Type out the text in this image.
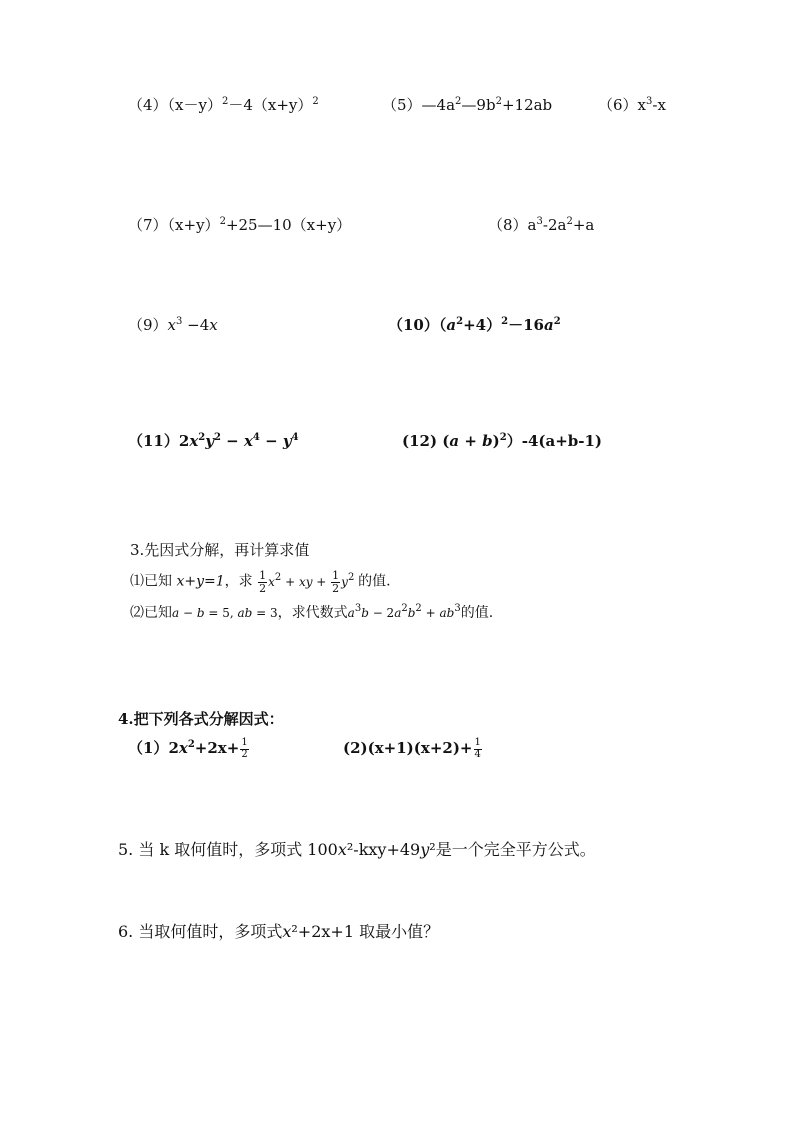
$(4)(x-y)^2-4(x+y)^2$	$(5)—4a^2—9b^2+12ab$	$(6)x^3-x$
$(7)(x+y)^2+25—10(x+y)$	$(8)a^3-2a^2+a$
$(9)x^3 -4x$	$(10)(a^2+4)^2-16a^2$
$(11)2x^2y^2 - x^4 - y^4$	(12) $(a + b)^2)-4(a+b-1)$
3.先因式分解，再计算求值
⑴已知 x+y=1，求 $\frac{1}{2} x^2$ + xy + $\frac{1}{2} y^2$ 的值.
⑵已知a − b = 5, ab = 3，求代数式$a^3b - 2a^2b^2 + ab^3$的值.
4.把下列各式分解因式：
$(1)2x^2+2x+ \frac{1}{2}$	$(2)(x+1)(x+2)+ \frac{1}{4}$
5. 当 k 取何值时，多项式 100x²-kxy+49y²是一个完全平方公式。
6. 当取何值时，多项式x²+2x+1 取最小值？
